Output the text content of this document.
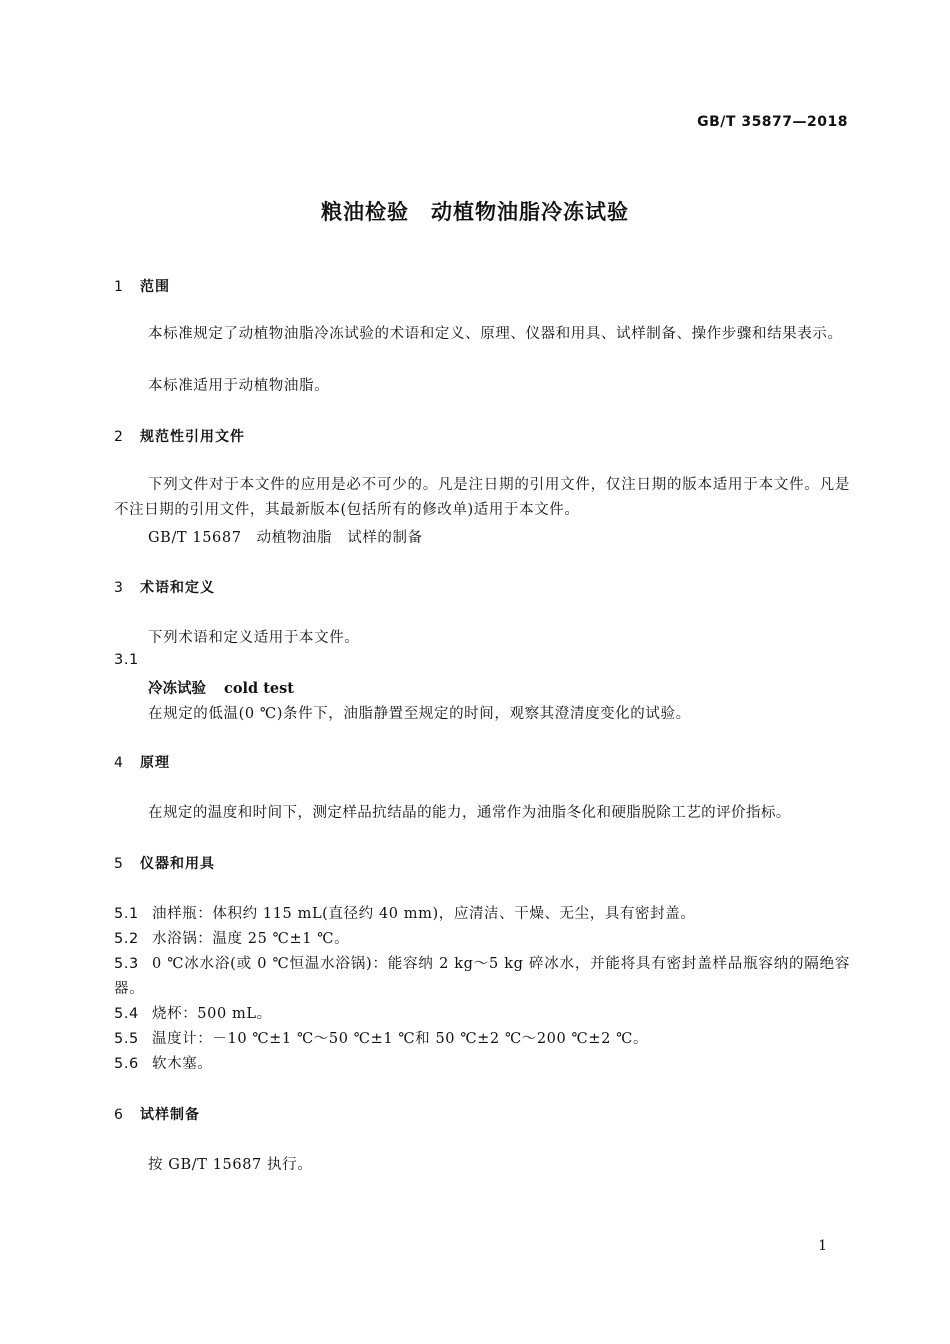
GB/T 35877—2018
粮油检验　动植物油脂冷冻试验
1 范围

本标准规定了动植物油脂冷冻试验的术语和定义、原理、仪器和用具、试样制备、操作步骤和结果表示。

本标准适用于动植物油脂。
2 规范性引用文件

下列文件对于本文件的应用是必不可少的。凡是注日期的引用文件，仅注日期的版本适用于本文件。凡是不注日期的引用文件，其最新版本(包括所有的修改单)适用于本文件。

GB/T 15687　动植物油脂　试样的制备
3 术语和定义
下列术语和定义适用于本文件。
3.1
冷冻试验 cold test
在规定的低温(0 ℃)条件下，油脂静置至规定的时间，观察其澄清度变化的试验。
4 原理
在规定的温度和时间下，测定样品抗结晶的能力，通常作为油脂冬化和硬脂脱除工艺的评价指标。
5 仪器和用具
5.1 油样瓶：体积约 115 mL(直径约 40 mm)，应清洁、干燥、无尘，具有密封盖。
5.2 水浴锅：温度 25 ℃±1 ℃。
5.3 0 ℃冰水浴(或 0 ℃恒温水浴锅)：能容纳 2 kg～5 kg 碎冰水，并能将具有密封盖样品瓶容纳的隔绝容器。
5.4 烧杯：500 mL。
5.5 温度计：－10 ℃±1 ℃～50 ℃±1 ℃和 50 ℃±2 ℃～200 ℃±2 ℃。
5.6 软木塞。
6 试样制备
按 GB/T 15687 执行。
1
